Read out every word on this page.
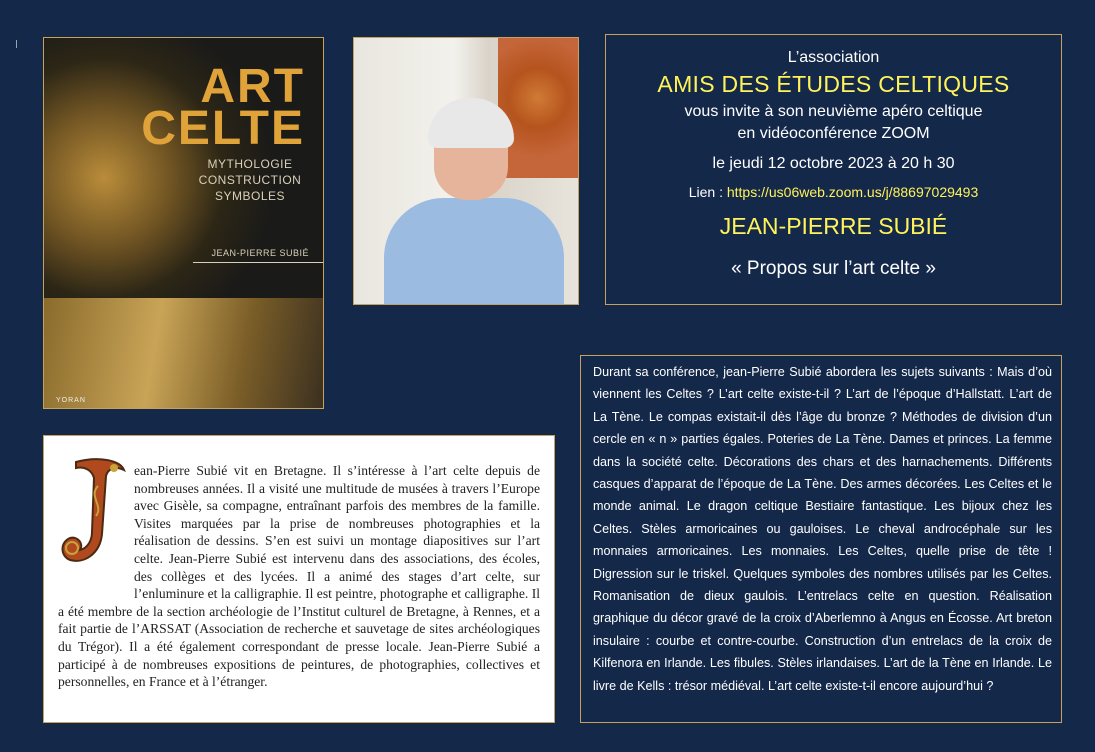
ART
CELTE
MYTHOLOGIE
CONSTRUCTION
SYMBOLES
JEAN-PIERRE SUBIÉ
YORAN
L’association
AMIS DES ÉTUDES CELTIQUES
vous invite à son neuvième apéro celtique
en vidéoconférence ZOOM
le jeudi 12 octobre 2023 à 20 h 30
Lien : https://us06web.zoom.us/j/88697029493
JEAN-PIERRE SUBIÉ
« Propos sur l’art celte »
ean-Pierre Subié vit en Bretagne. Il s’intéresse à l’art celte depuis de nombreuses années. Il a visité une multitude de musées à travers l’Europe avec Gisèle, sa compagne, entraînant parfois des membres de la famille. Visites marquées par la prise de nombreuses photographies et la réalisation de dessins. S’en est suivi un montage diapositives sur l’art celte. Jean-Pierre Subié est intervenu dans des associations, des écoles, des collèges et des lycées. Il a animé des stages d’art celte, sur l’enluminure et la calligraphie. Il est peintre, photographe et calligraphe. Il a été membre de la section archéologie de l’Institut culturel de Bretagne, à Rennes, et a fait partie de l’ARSSAT (Association de recherche et sauvetage de sites archéologiques du Trégor). Il a été également correspondant de presse locale. Jean-Pierre Subié a participé à de nombreuses expositions de peintures, de photographies, collectives et personnelles, en France et à l’étranger.
Durant sa conférence, jean-Pierre Subié abordera les sujets suivants : Mais d’où viennent les Celtes ? L’art celte existe-t-il ? L’art de l’époque d’Hallstatt. L’art de La Tène. Le compas existait-il dès l’âge du bronze ? Méthodes de division d’un cercle en « n » parties égales. Poteries de La Tène. Dames et princes. La femme dans la société celte. Décorations des chars et des harnachements. Différents casques d’apparat de l’époque de La Tène. Des armes décorées. Les Celtes et le monde animal. Le dragon celtique Bestiaire fantastique. Les bijoux chez les Celtes. Stèles armoricaines ou gauloises. Le cheval androcéphale sur les monnaies armoricaines. Les monnaies. Les Celtes, quelle prise de tête ! Digression sur le triskel. Quelques symboles des nombres utilisés par les Celtes. Romanisation de dieux gaulois. L’entrelacs celte en question. Réalisation graphique du décor gravé de la croix d’Aberlemno à Angus en Écosse. Art breton insulaire : courbe et contre-courbe. Construction d’un entrelacs de la croix de Kilfenora en Irlande. Les fibules. Stèles irlandaises. L’art de la Tène en Irlande. Le livre de Kells : trésor médiéval. L’art celte existe-t-il encore aujourd’hui ?
